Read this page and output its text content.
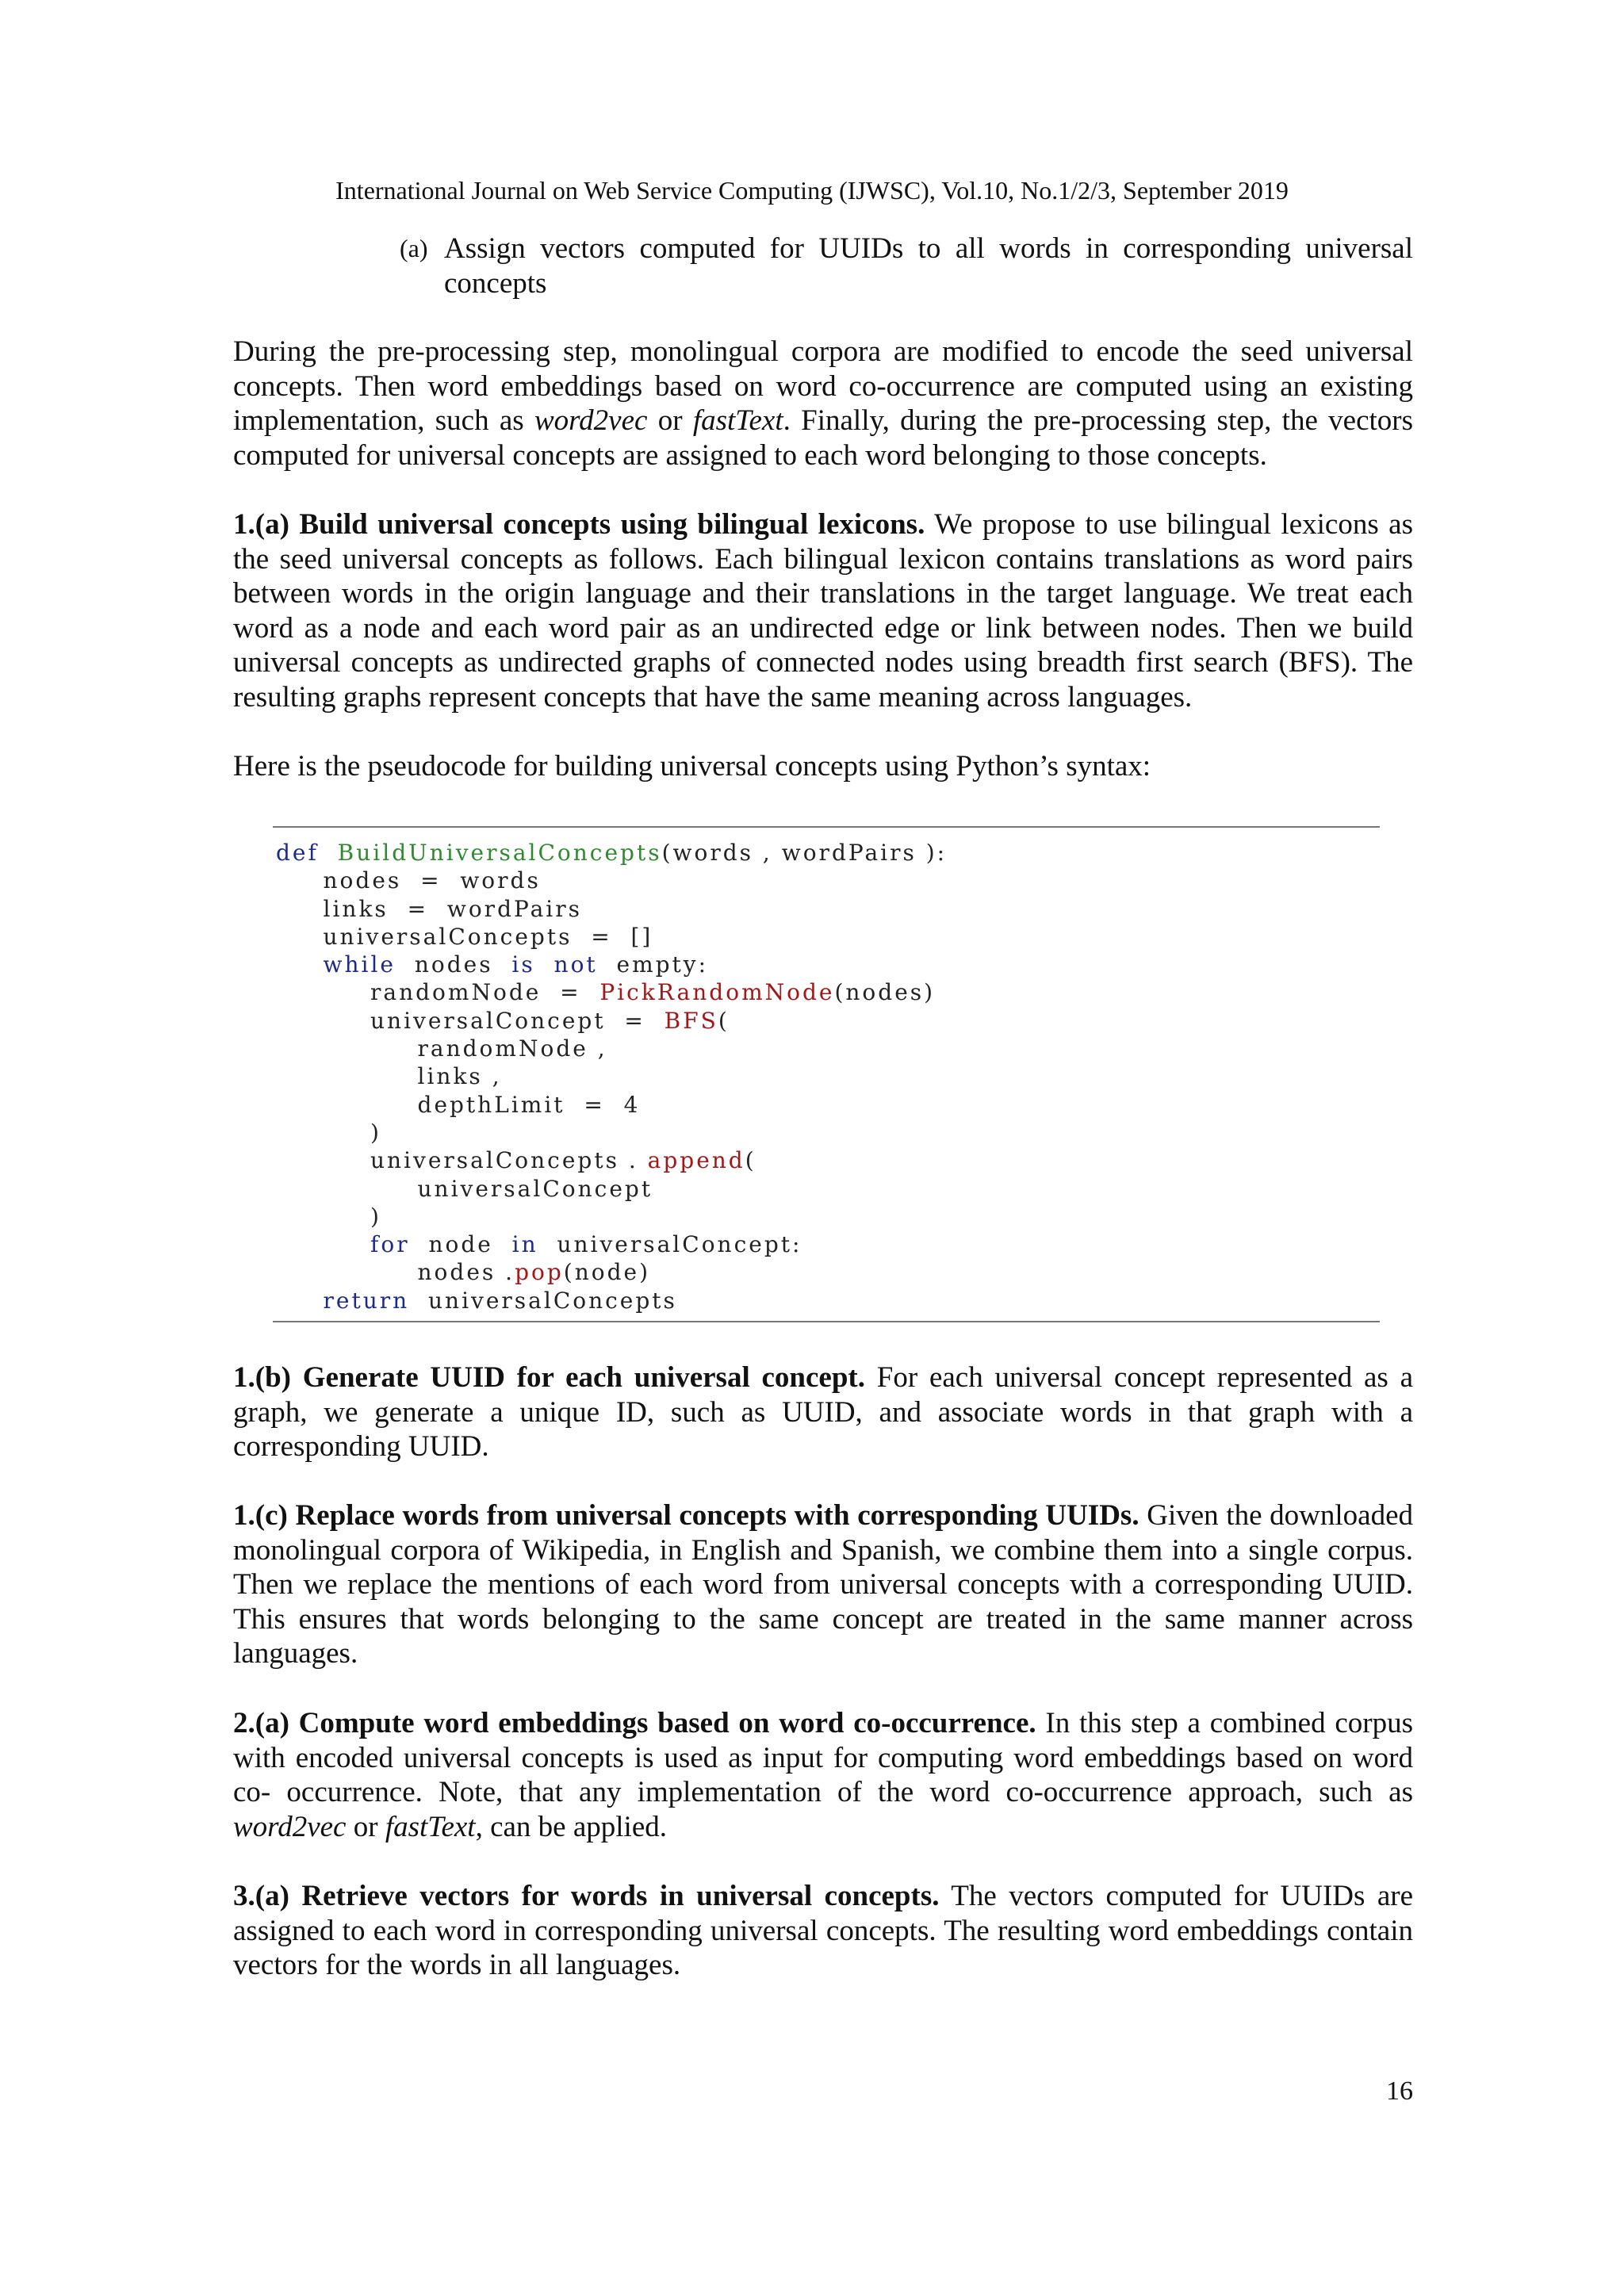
International Journal on Web Service Computing (IJWSC), Vol.10, No.1/2/3, September 2019
(a) Assign vectors computed for UUIDs to all words in corresponding universal concepts

During the pre-processing step, monolingual corpora are modified to encode the seed universal concepts. Then word embeddings based on word co-occurrence are computed using an existing implementation, such as word2vec or fastText. Finally, during the pre-processing step, the vectors computed for universal concepts are assigned to each word belonging to those concepts.

1.(a) Build universal concepts using bilingual lexicons. We propose to use bilingual lexicons as the seed universal concepts as follows. Each bilingual lexicon contains translations as word pairs between words in the origin language and their translations in the target language. We treat each word as a node and each word pair as an undirected edge or link between nodes. Then we build universal concepts as undirected graphs of connected nodes using breadth first search (BFS). The resulting graphs represent concepts that have the same meaning across languages.

Here is the pseudocode for building universal concepts using Python’s syntax:

def BuildUniversalConcepts(words , wordPairs ):
nodes  =  words
links  =  wordPairs
universalConcepts  =  []
while nodes is not empty:
randomNode  = PickRandomNode(nodes)
universalConcept  = BFS(
randomNode ,
links ,
depthLimit  =  4
)
universalConcepts . append(
universalConcept
)
for node in universalConcept:
nodes .pop(node)
return universalConcepts

1.(b) Generate UUID for each universal concept. For each universal concept represented as a graph, we generate a unique ID, such as UUID, and associate words in that graph with a corresponding UUID.

1.(c) Replace words from universal concepts with corresponding UUIDs. Given the downloaded monolingual corpora of Wikipedia, in English and Spanish, we combine them into a single corpus. Then we replace the mentions of each word from universal concepts with a corresponding UUID. This ensures that words belonging to the same concept are treated in the same manner across languages.

2.(a) Compute word embeddings based on word co-occurrence. In this step a combined corpus with encoded universal concepts is used as input for computing word embeddings based on word co- occurrence. Note, that any implementation of the word co-occurrence approach, such as word2vec or fastText, can be applied.

3.(a) Retrieve vectors for words in universal concepts. The vectors computed for UUIDs are assigned to each word in corresponding universal concepts. The resulting word embeddings contain vectors for the words in all languages.

16
